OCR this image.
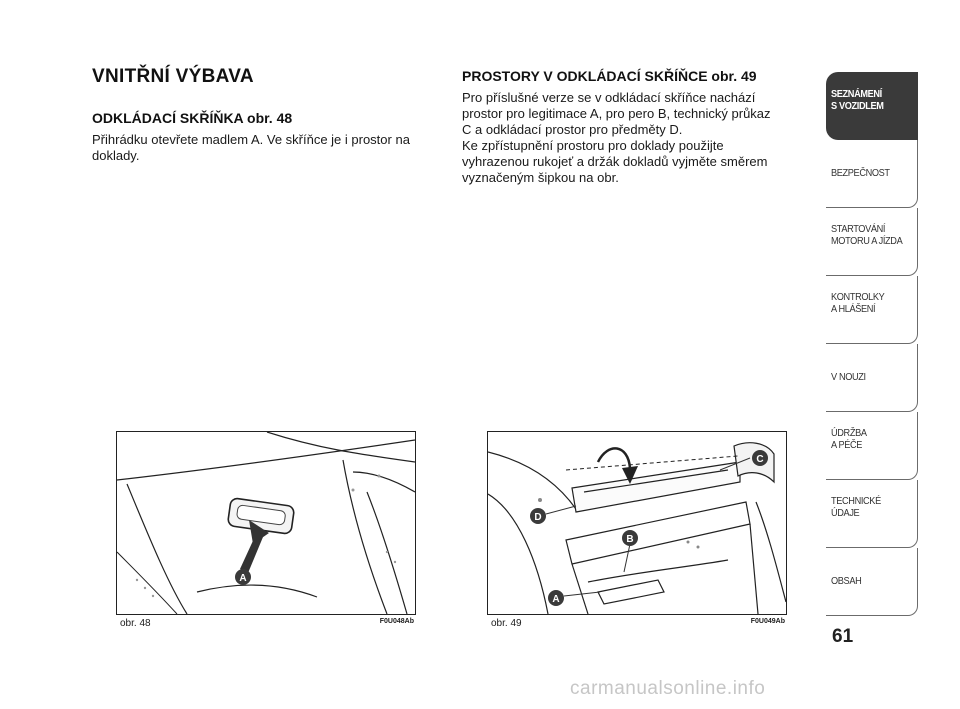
VNITŘNÍ VÝBAVA
ODKLÁDACÍ SKŘÍŇKA obr. 48

Přihrádku otevřete madlem A. Ve skříňce je i prostor na
doklady.

PROSTORY V ODKLÁDACÍ SKŘÍŇCE obr. 49

Pro příslušné verze se v odkládací skříňce nachází
prostor pro legitimace A, pro pero B, technický průkaz
C a odkládací prostor pro předměty D.
Ke zpřístupnění prostoru pro doklady použijte
vyhrazenou rukojeť a držák dokladů vyjměte směrem
vyznačeným šipkou na obr.

A
obr. 48	F0U048Ab
C
D
B
A
obr. 49	F0U049Ab
SEZNÁMENÍ
S VOZIDLEM
BEZPEČNOST
STARTOVÁNÍ
MOTORU A JÍZDA
KONTROLKY
A HLÁŠENÍ
V NOUZI
ÚDRŽBA
A PÉČE
TECHNICKÉ
ÚDAJE
OBSAH
61
carmanualsonline.info
